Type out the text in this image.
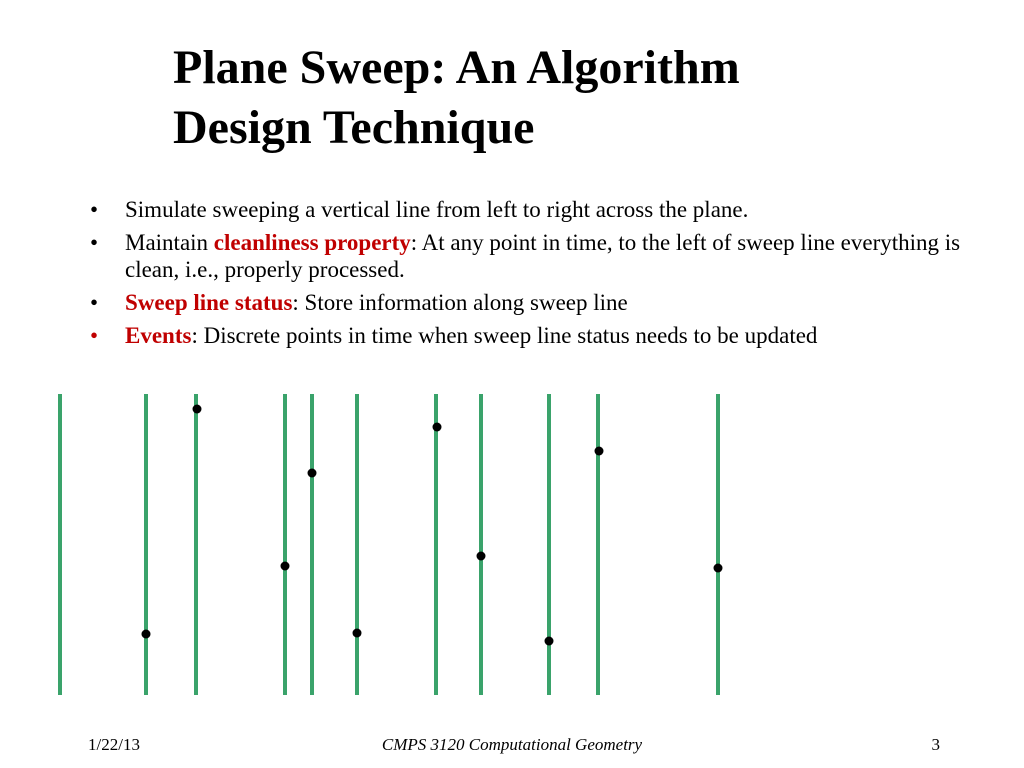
Plane Sweep: An Algorithm
Design Technique
• Simulate sweeping a vertical line from left to right across the plane.
• Maintain cleanliness property: At any point in time, to the left of sweep line everything is clean, i.e., properly processed.
• Sweep line status: Store information along sweep line
• Events: Discrete points in time when sweep line status needs to be updated
1/22/13	CMPS 3120 Computational Geometry	3
